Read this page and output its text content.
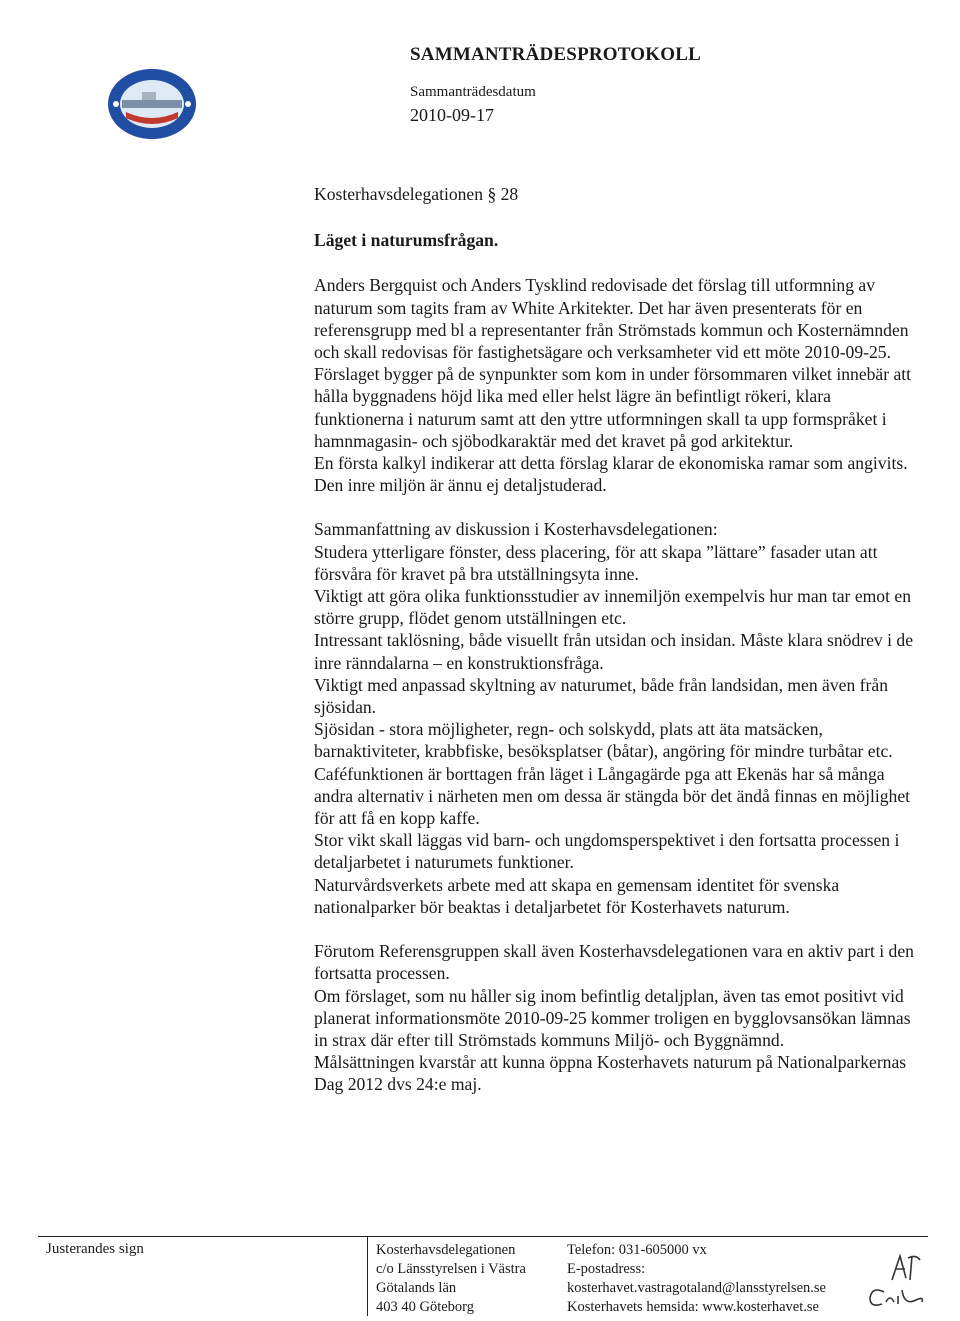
SAMMANTRÄDESPROTOKOLL
Sammanträdesdatum
2010-09-17

Kosterhavsdelegationen § 28

Läget i naturumsfrågan.

Anders Bergquist och Anders Tysklind redovisade det förslag till utformning av naturum som tagits fram av White Arkitekter. Det har även presenterats för en referensgrupp med bl a representanter från Strömstads kommun och Kosternämnden och skall redovisas för fastighetsägare och verksamheter vid ett möte 2010-09-25.

Förslaget bygger på de synpunkter som kom in under försommaren vilket innebär att hålla byggnadens höjd lika med eller helst lägre än befintligt rökeri, klara funktionerna i naturum samt att den yttre utformningen skall ta upp formspråket i hamnmagasin- och sjöbodkaraktär med det kravet på god arkitektur.

En första kalkyl indikerar att detta förslag klarar de ekonomiska ramar som angivits.

Den inre miljön är ännu ej detaljstuderad.

Sammanfattning av diskussion i Kosterhavsdelegationen:

Studera ytterligare fönster, dess placering, för att skapa ”lättare” fasader utan att försvåra för kravet på bra utställningsyta inne.

Viktigt att göra olika funktionsstudier av innemiljön exempelvis hur man tar emot en större grupp, flödet genom utställningen etc.

Intressant taklösning, både visuellt från utsidan och insidan. Måste klara snödrev i de inre ränndalarna – en konstruktionsfråga.

Viktigt med anpassad skyltning av naturumet, både från landsidan, men även från sjösidan.

Sjösidan - stora möjligheter, regn- och solskydd, plats att äta matsäcken, barnaktiviteter, krabbfiske, besöksplatser (båtar), angöring för mindre turbåtar etc.

Caféfunktionen är borttagen från läget i Långagärde pga att Ekenäs har så många andra alternativ i närheten men om dessa är stängda bör det ändå finnas en möjlighet för att få en kopp kaffe.

Stor vikt skall läggas vid barn- och ungdomsperspektivet i den fortsatta processen i detaljarbetet i naturumets funktioner.

Naturvårdsverkets arbete med att skapa en gemensam identitet för svenska nationalparker bör beaktas i detaljarbetet för Kosterhavets naturum.

Förutom Referensgruppen skall även Kosterhavsdelegationen vara en aktiv part i den fortsatta processen.

Om förslaget, som nu håller sig inom befintlig detaljplan, även tas emot positivt vid planerat informationsmöte 2010-09-25 kommer troligen en bygglovsansökan lämnas in strax där efter till Strömstads kommuns Miljö- och Byggnämnd.

Målsättningen kvarstår att kunna öppna Kosterhavets naturum på Nationalparkernas Dag 2012 dvs 24:e maj.

Justerandes sign	Kosterhavsdelegationen
c/o Länsstyrelsen i Västra
Götalands län
403 40 Göteborg
Telefon: 031-605000 vx
E-postadress:
kosterhavet.vastragotaland@lansstyrelsen.se
Kosterhavets hemsida: www.kosterhavet.se
